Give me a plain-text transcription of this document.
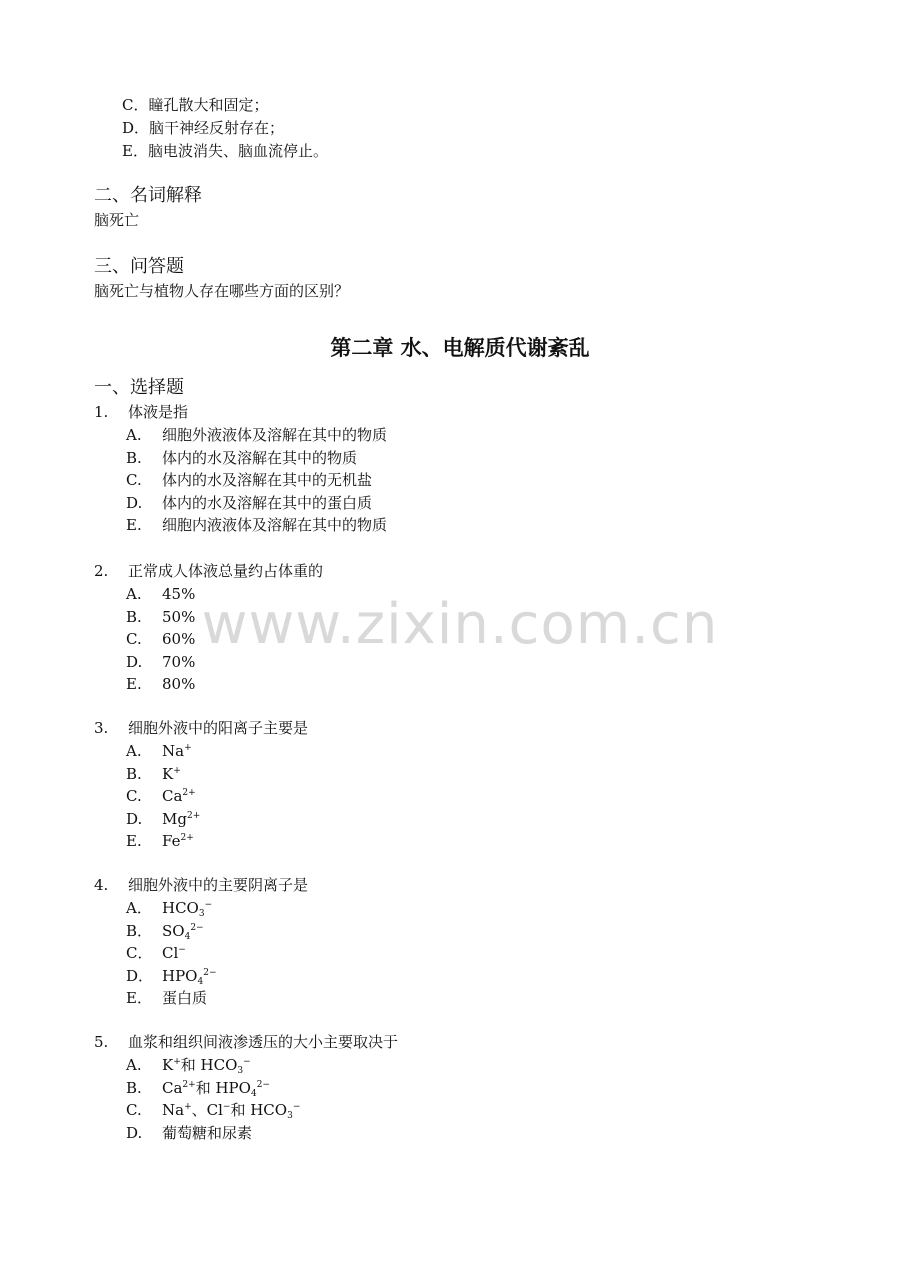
www.zixin.com.cn
C．瞳孔散大和固定；
D．脑干神经反射存在；
E．脑电波消失、脑血流停止。
二、名词解释
脑死亡
三、问答题
脑死亡与植物人存在哪些方面的区别？
第二章 水、电解质代谢紊乱
一、选择题
1. 体液是指
A. 细胞外液液体及溶解在其中的物质
B. 体内的水及溶解在其中的物质
C. 体内的水及溶解在其中的无机盐
D. 体内的水及溶解在其中的蛋白质
E. 细胞内液液体及溶解在其中的物质
2. 正常成人体液总量约占体重的
A. 45%
B. 50%
C. 60%
D. 70%
E. 80%
3. 细胞外液中的阳离子主要是
A. Na+
B. K+
C. $Ca^{2+}$
D. $Mg^{2+}$
E. $Fe^{2+}$
4. 细胞外液中的主要阴离子是
A． $HCO_3^-$
B． $SO_4^{2-}$
C． Cl−
D． $HPO_4^{2-}$
E． 蛋白质
5. 血浆和组织间液渗透压的大小主要取决于
A. K+和 $HCO_3^-$
B. $Ca^{2+}$和 $HPO_4^{2-}$
C. Na+、Cl−和 $HCO_3^-$
D. 葡萄糖和尿素
